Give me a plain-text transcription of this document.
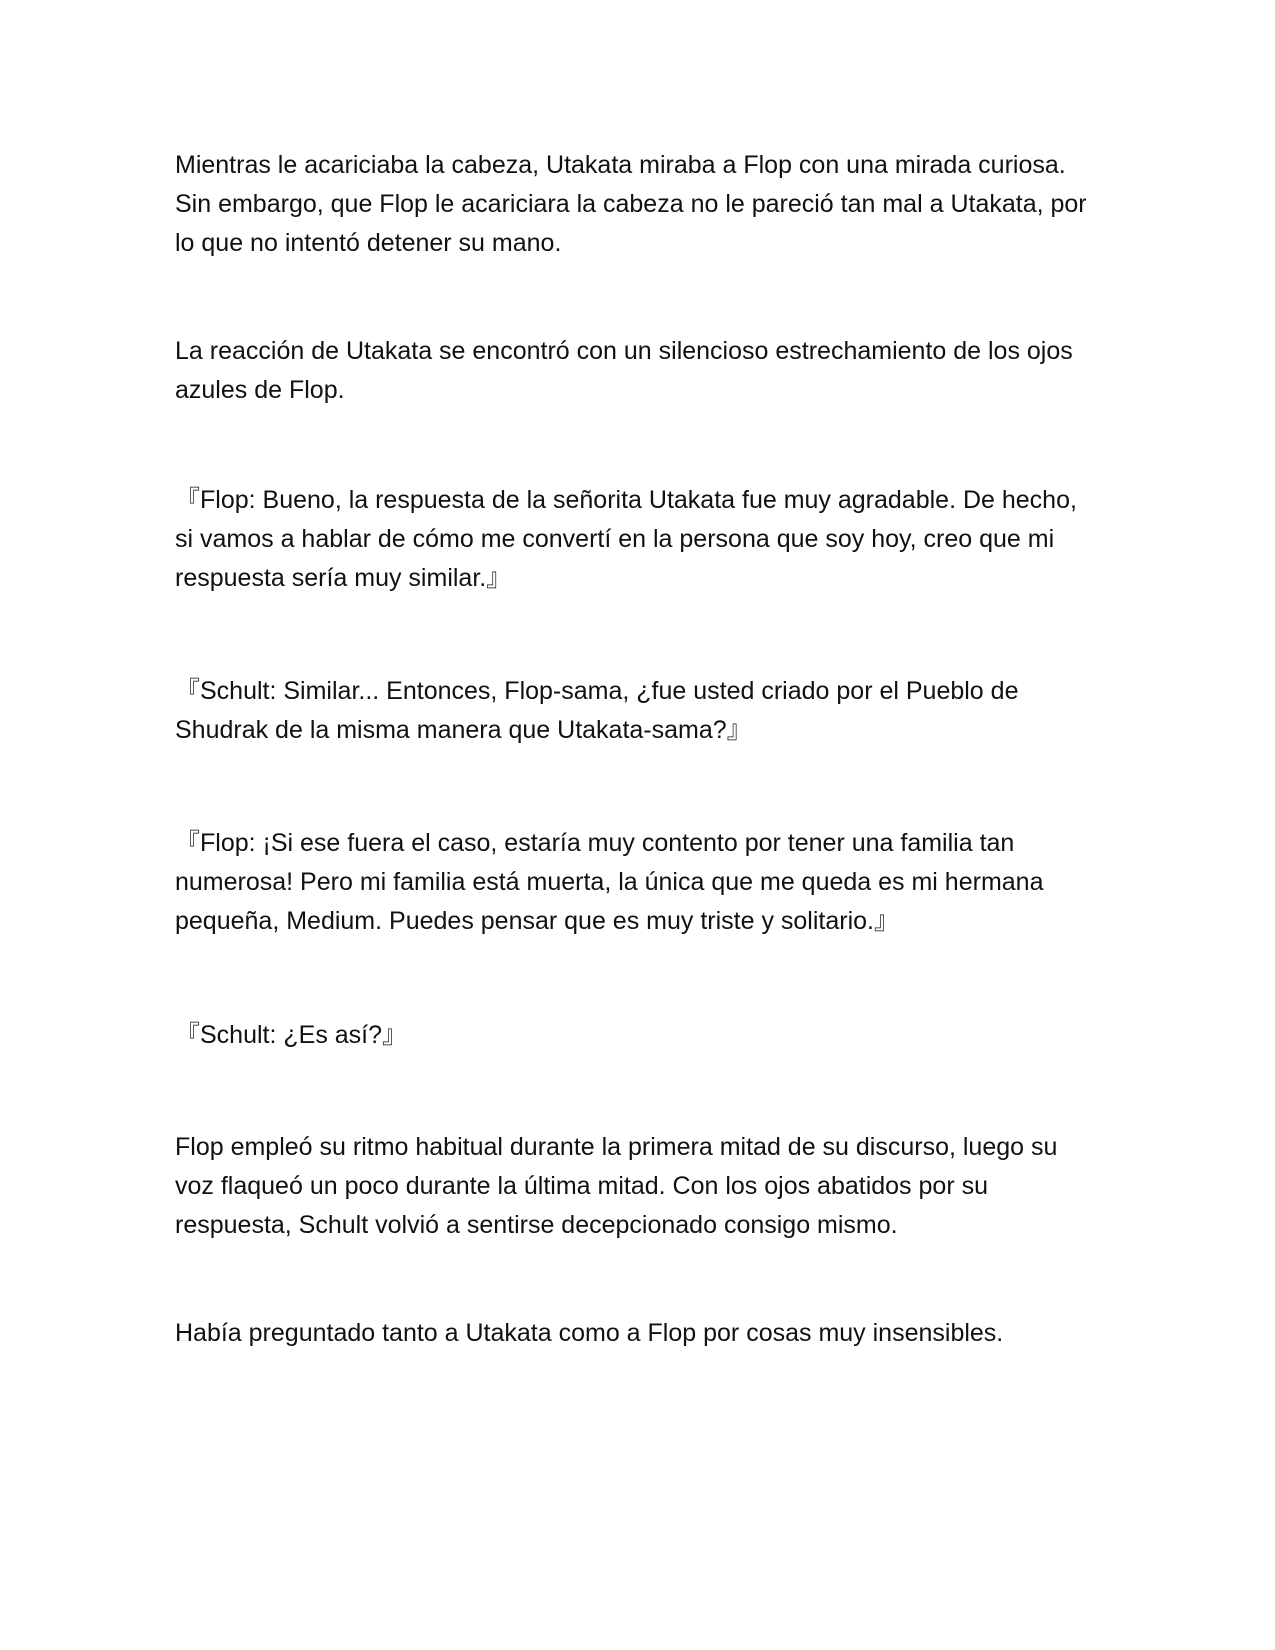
Mientras le acariciaba la cabeza, Utakata miraba a Flop con una mirada curiosa. Sin embargo, que Flop le acariciara la cabeza no le pareció tan mal a Utakata, por lo que no intentó detener su mano.

La reacción de Utakata se encontró con un silencioso estrechamiento de los ojos azules de Flop.

『Flop: Bueno, la respuesta de la señorita Utakata fue muy agradable. De hecho, si vamos a hablar de cómo me convertí en la persona que soy hoy, creo que mi respuesta sería muy similar.』

『Schult: Similar... Entonces, Flop-sama, ¿fue usted criado por el Pueblo de Shudrak de la misma manera que Utakata-sama?』

『Flop: ¡Si ese fuera el caso, estaría muy contento por tener una familia tan numerosa! Pero mi familia está muerta, la única que me queda es mi hermana pequeña, Medium. Puedes pensar que es muy triste y solitario.』

『Schult: ¿Es así?』

Flop empleó su ritmo habitual durante la primera mitad de su discurso, luego su voz flaqueó un poco durante la última mitad. Con los ojos abatidos por su respuesta, Schult volvió a sentirse decepcionado consigo mismo.

Había preguntado tanto a Utakata como a Flop por cosas muy insensibles.
